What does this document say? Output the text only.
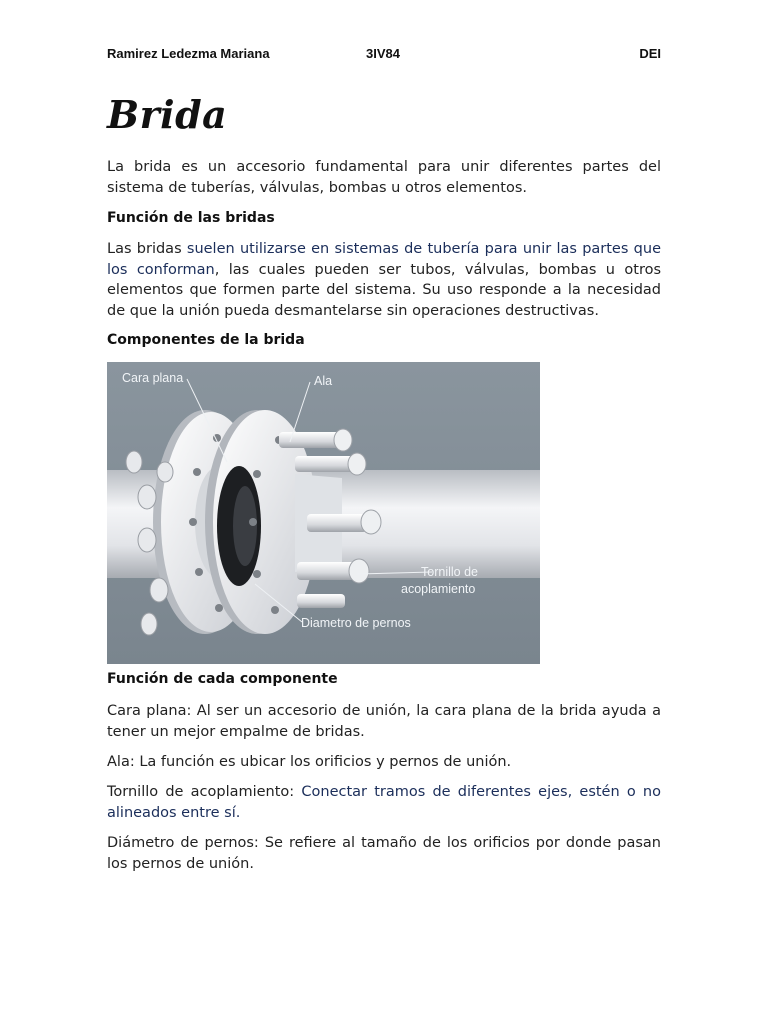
Ramirez Ledezma Mariana	3IV84	DEI
Brida

La brida es un accesorio fundamental para unir diferentes partes del sistema de tuberías, válvulas, bombas u otros elementos.

Función de las bridas

Las bridas suelen utilizarse en sistemas de tubería para unir las partes que los conforman, las cuales pueden ser tubos, válvulas, bombas u otros elementos que formen parte del sistema. Su uso responde a la necesidad de que la unión pueda desmantelarse sin operaciones destructivas.

Componentes de la brida
Cara plana	Ala
Tornillo de
acoplamiento
Diametro de pernos
Función de cada componente

Cara plana: Al ser un accesorio de unión, la cara plana de la brida ayuda a tener un mejor empalme de bridas.

Ala: La función es ubicar los orificios y pernos de unión.

Tornillo de acoplamiento: Conectar tramos de diferentes ejes, estén o no alineados entre sí.

Diámetro de pernos: Se refiere al tamaño de los orificios por donde pasan los pernos de unión.
